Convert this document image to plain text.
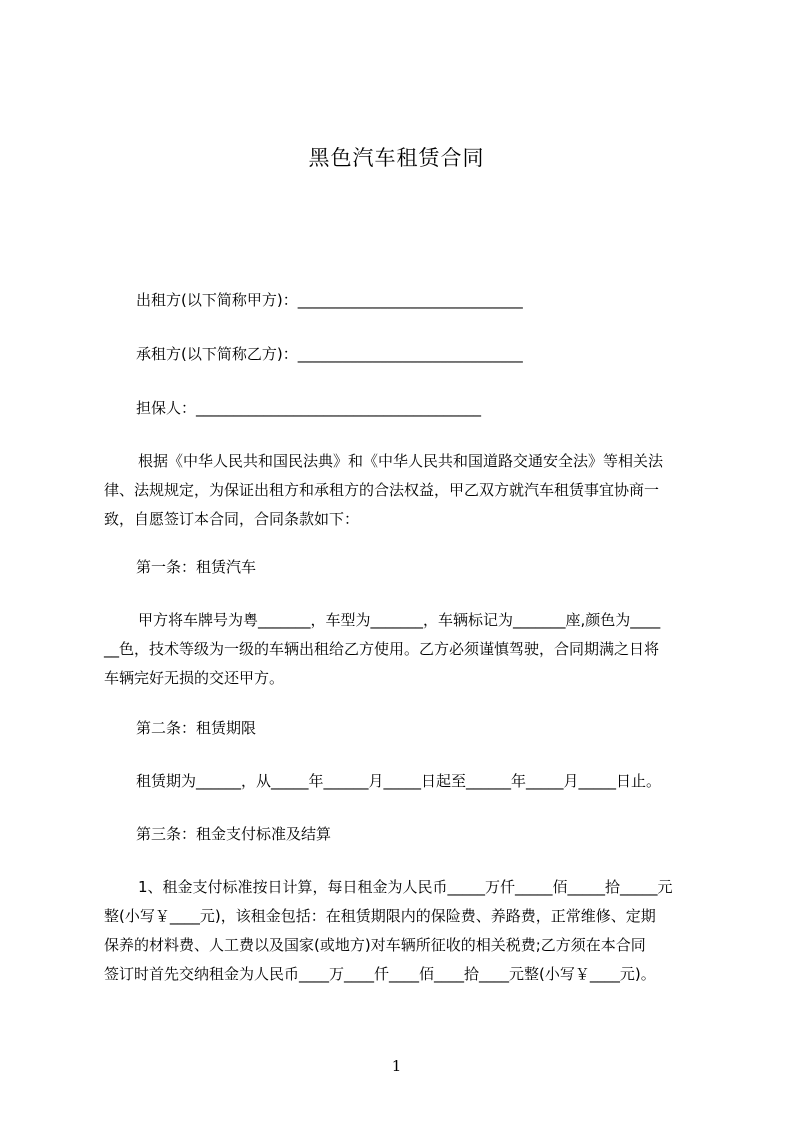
黑色汽车租赁合同
出租方(以下简称甲方)：______________________________
承租方(以下简称乙方)：______________________________
担保人：______________________________________

根据《中华人民共和国民法典》和《中华人民共和国道路交通安全法》等相关法

律、法规规定，为保证出租方和承租方的合法权益，甲乙双方就汽车租赁事宜协商一

致，自愿签订本合同，合同条款如下：

第一条：租赁汽车

甲方将车牌号为粤_______，车型为_______，车辆标记为_______座,颜色为____

__色，技术等级为一级的车辆出租给乙方使用。乙方必须谨慎驾驶，合同期满之日将

车辆完好无损的交还甲方。

第二条：租赁期限
租赁期为______，从_____年______月_____日起至______年_____月_____日止。
第三条：租金支付标准及结算

1、租金支付标准按日计算，每日租金为人民币_____万仟_____佰_____拾_____元

整(小写￥____元)，该租金包括：在租赁期限内的保险费、养路费，正常维修、定期

保养的材料费、人工费以及国家(或地方)对车辆所征收的相关税费;乙方须在本合同

签订时首先交纳租金为人民币____万____仟____佰____拾____元整(小写￥____元)。

1
